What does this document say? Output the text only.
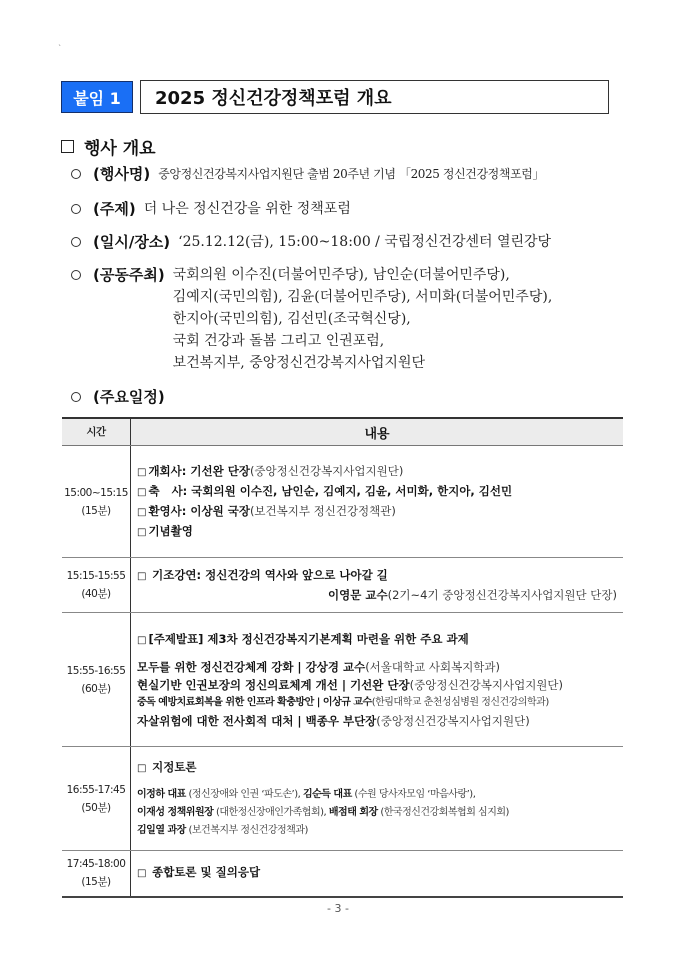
`
붙임 1	2025 정신건강정책포럼 개요
행사 개요
(행사명) 중앙정신건강복지사업지원단 출범 20주년 기념 「2025 정신건강정책포럼」
(주제) 더 나은 정신건강을 위한 정책포럼
(일시/장소) ‘25.12.12(금), 15:00~18:00 / 국립정신건강센터 열린강당
(공동주최) 국회의원 이수진(더불어민주당), 남인순(더불어민주당),
김예지(국민의힘), 김윤(더불어민주당), 서미화(더불어민주당),
한지아(국민의힘), 김선민(조국혁신당),
국회 건강과 돌봄 그리고 인권포럼,
보건복지부, 중앙정신건강복지사업지원단
(주요일정)
시간	내용

15:00~15:15
(15분)

□ 개회사: 기선완 단장(중앙정신건강복지사업지원단)
□ 축   사: 국회의원 이수진, 남인순, 김예지, 김윤, 서미화, 한지아, 김선민
□ 환영사: 이상원 국장(보건복지부 정신건강정책관)
□ 기념촬영

15:15-15:55
(40분)

□ 기조강연: 정신건강의 역사와 앞으로 나아갈 길
이영문 교수(2기~4기 중앙정신건강복지사업지원단 단장)

15:55-16:55
(60분)

□ [주제발표] 제3차 정신건강복지기본계획 마련을 위한 주요 과제
모두를 위한 정신건강체계 강화 | 강상경 교수(서울대학교 사회복지학과)
현실기반 인권보장의 정신의료체계 개선 | 기선완 단장(중앙정신건강복지사업지원단)
중독 예방치료회복을 위한 인프라 확충방안 | 이상규 교수(한림대학교 춘천성심병원 정신건강의학과)
자살위험에 대한 전사회적 대처 | 백종우 부단장(중앙정신건강복지사업지원단)

16:55-17:45
(50분)

□ 지정토론
이정하 대표 (정신장애와 인권 ‘파도손’), 김순득 대표 (수원 당사자모임 ‘마음사랑’),
이재성 정책위원장 (대한정신장애인가족협회), 배점태 회장 (한국정신건강회복협회 심지회)
김일열 과장 (보건복지부 정신건강정책과)

17:45-18:00
(15분)	□ 종합토론 및 질의응답
- 3 -
